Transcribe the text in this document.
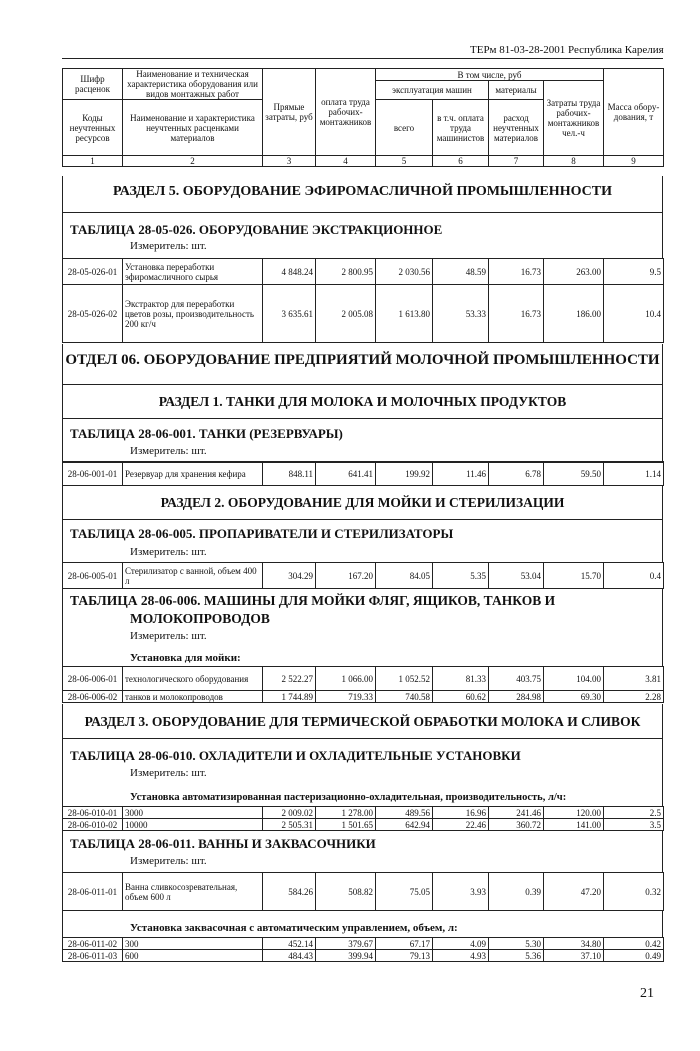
ТЕРм 81-03-28-2001 Республика Карелия
Шифр расценок	Наименование и техническая характеристика оборудования или видов монтажных работ	Прямые затраты, руб	оплата труда рабочих-монтажников	В том числе, руб				Масса обору-дования, т
				эксплуатация машин		материалы	Затраты труда рабочих-монтажников чел.-ч	
Коды неучтенных ресурсов	Наименование и характеристика неучтенных расценками материалов			всего	в т.ч. оплата труда машинистов	расход неучтенных материалов		

1	2	3	4	5	6	7	8	9
РАЗДЕЛ 5. ОБОРУДОВАНИЕ ЭФИРОМАСЛИЧНОЙ ПРОМЫШЛЕННОСТИ
ТАБЛИЦА 28-05-026. ОБОРУДОВАНИЕ ЭКСТРАКЦИОННОЕ
Измеритель: шт.
28-05-026-01	Установка переработки эфиромасличного сырья	4 848.24	2 800.95	2 030.56	48.59	16.73	263.00	9.5
28-05-026-02	Экстрактор для переработки цветов розы, производительность 200 кг/ч	3 635.61	2 005.08	1 613.80	53.33	16.73	186.00	10.4
ОТДЕЛ 06. ОБОРУДОВАНИЕ ПРЕДПРИЯТИЙ МОЛОЧНОЙ ПРОМЫШЛЕННОСТИ
РАЗДЕЛ 1. ТАНКИ ДЛЯ МОЛОКА И МОЛОЧНЫХ ПРОДУКТОВ
ТАБЛИЦА 28-06-001. ТАНКИ (РЕЗЕРВУАРЫ)
Измеритель: шт.
28-06-001-01	Резервуар для хранения кефира	848.11	641.41	199.92	11.46	6.78	59.50	1.14
РАЗДЕЛ 2. ОБОРУДОВАНИЕ ДЛЯ МОЙКИ И СТЕРИЛИЗАЦИИ
ТАБЛИЦА 28-06-005. ПРОПАРИВАТЕЛИ И СТЕРИЛИЗАТОРЫ
Измеритель: шт.
28-06-005-01	Стерилизатор с ванной, объем 400 л	304.29	167.20	84.05	5.35	53.04	15.70	0.4
ТАБЛИЦА 28-06-006. МАШИНЫ ДЛЯ МОЙКИ ФЛЯГ, ЯЩИКОВ, ТАНКОВ И
МОЛОКОПРОВОДОВ
Измеритель: шт.
Установка для мойки:
28-06-006-01	технологического оборудования	2 522.27	1 066.00	1 052.52	81.33	403.75	104.00	3.81
28-06-006-02	танков и молокопроводов	1 744.89	719.33	740.58	60.62	284.98	69.30	2.28
РАЗДЕЛ 3. ОБОРУДОВАНИЕ ДЛЯ ТЕРМИЧЕСКОЙ ОБРАБОТКИ МОЛОКА И СЛИВОК
ТАБЛИЦА 28-06-010. ОХЛАДИТЕЛИ И ОХЛАДИТЕЛЬНЫЕ УСТАНОВКИ
Измеритель: шт.
Установка автоматизированная пастеризационно-охладительная, производительность, л/ч:
28-06-010-01	3000	2 009.02	1 278.00	489.56	16.96	241.46	120.00	2.5
28-06-010-02	10000	2 505.31	1 501.65	642.94	22.46	360.72	141.00	3.5
ТАБЛИЦА 28-06-011. ВАННЫ И ЗАКВАСОЧНИКИ
Измеритель: шт.
28-06-011-01	Ванна сливкосозревательная, объем 600 л	584.26	508.82	75.05	3.93	0.39	47.20	0.32
Установка заквасочная с автоматическим управлением, объем, л:
28-06-011-02	300	452.14	379.67	67.17	4.09	5.30	34.80	0.42
28-06-011-03	600	484.43	399.94	79.13	4.93	5.36	37.10	0.49
21
